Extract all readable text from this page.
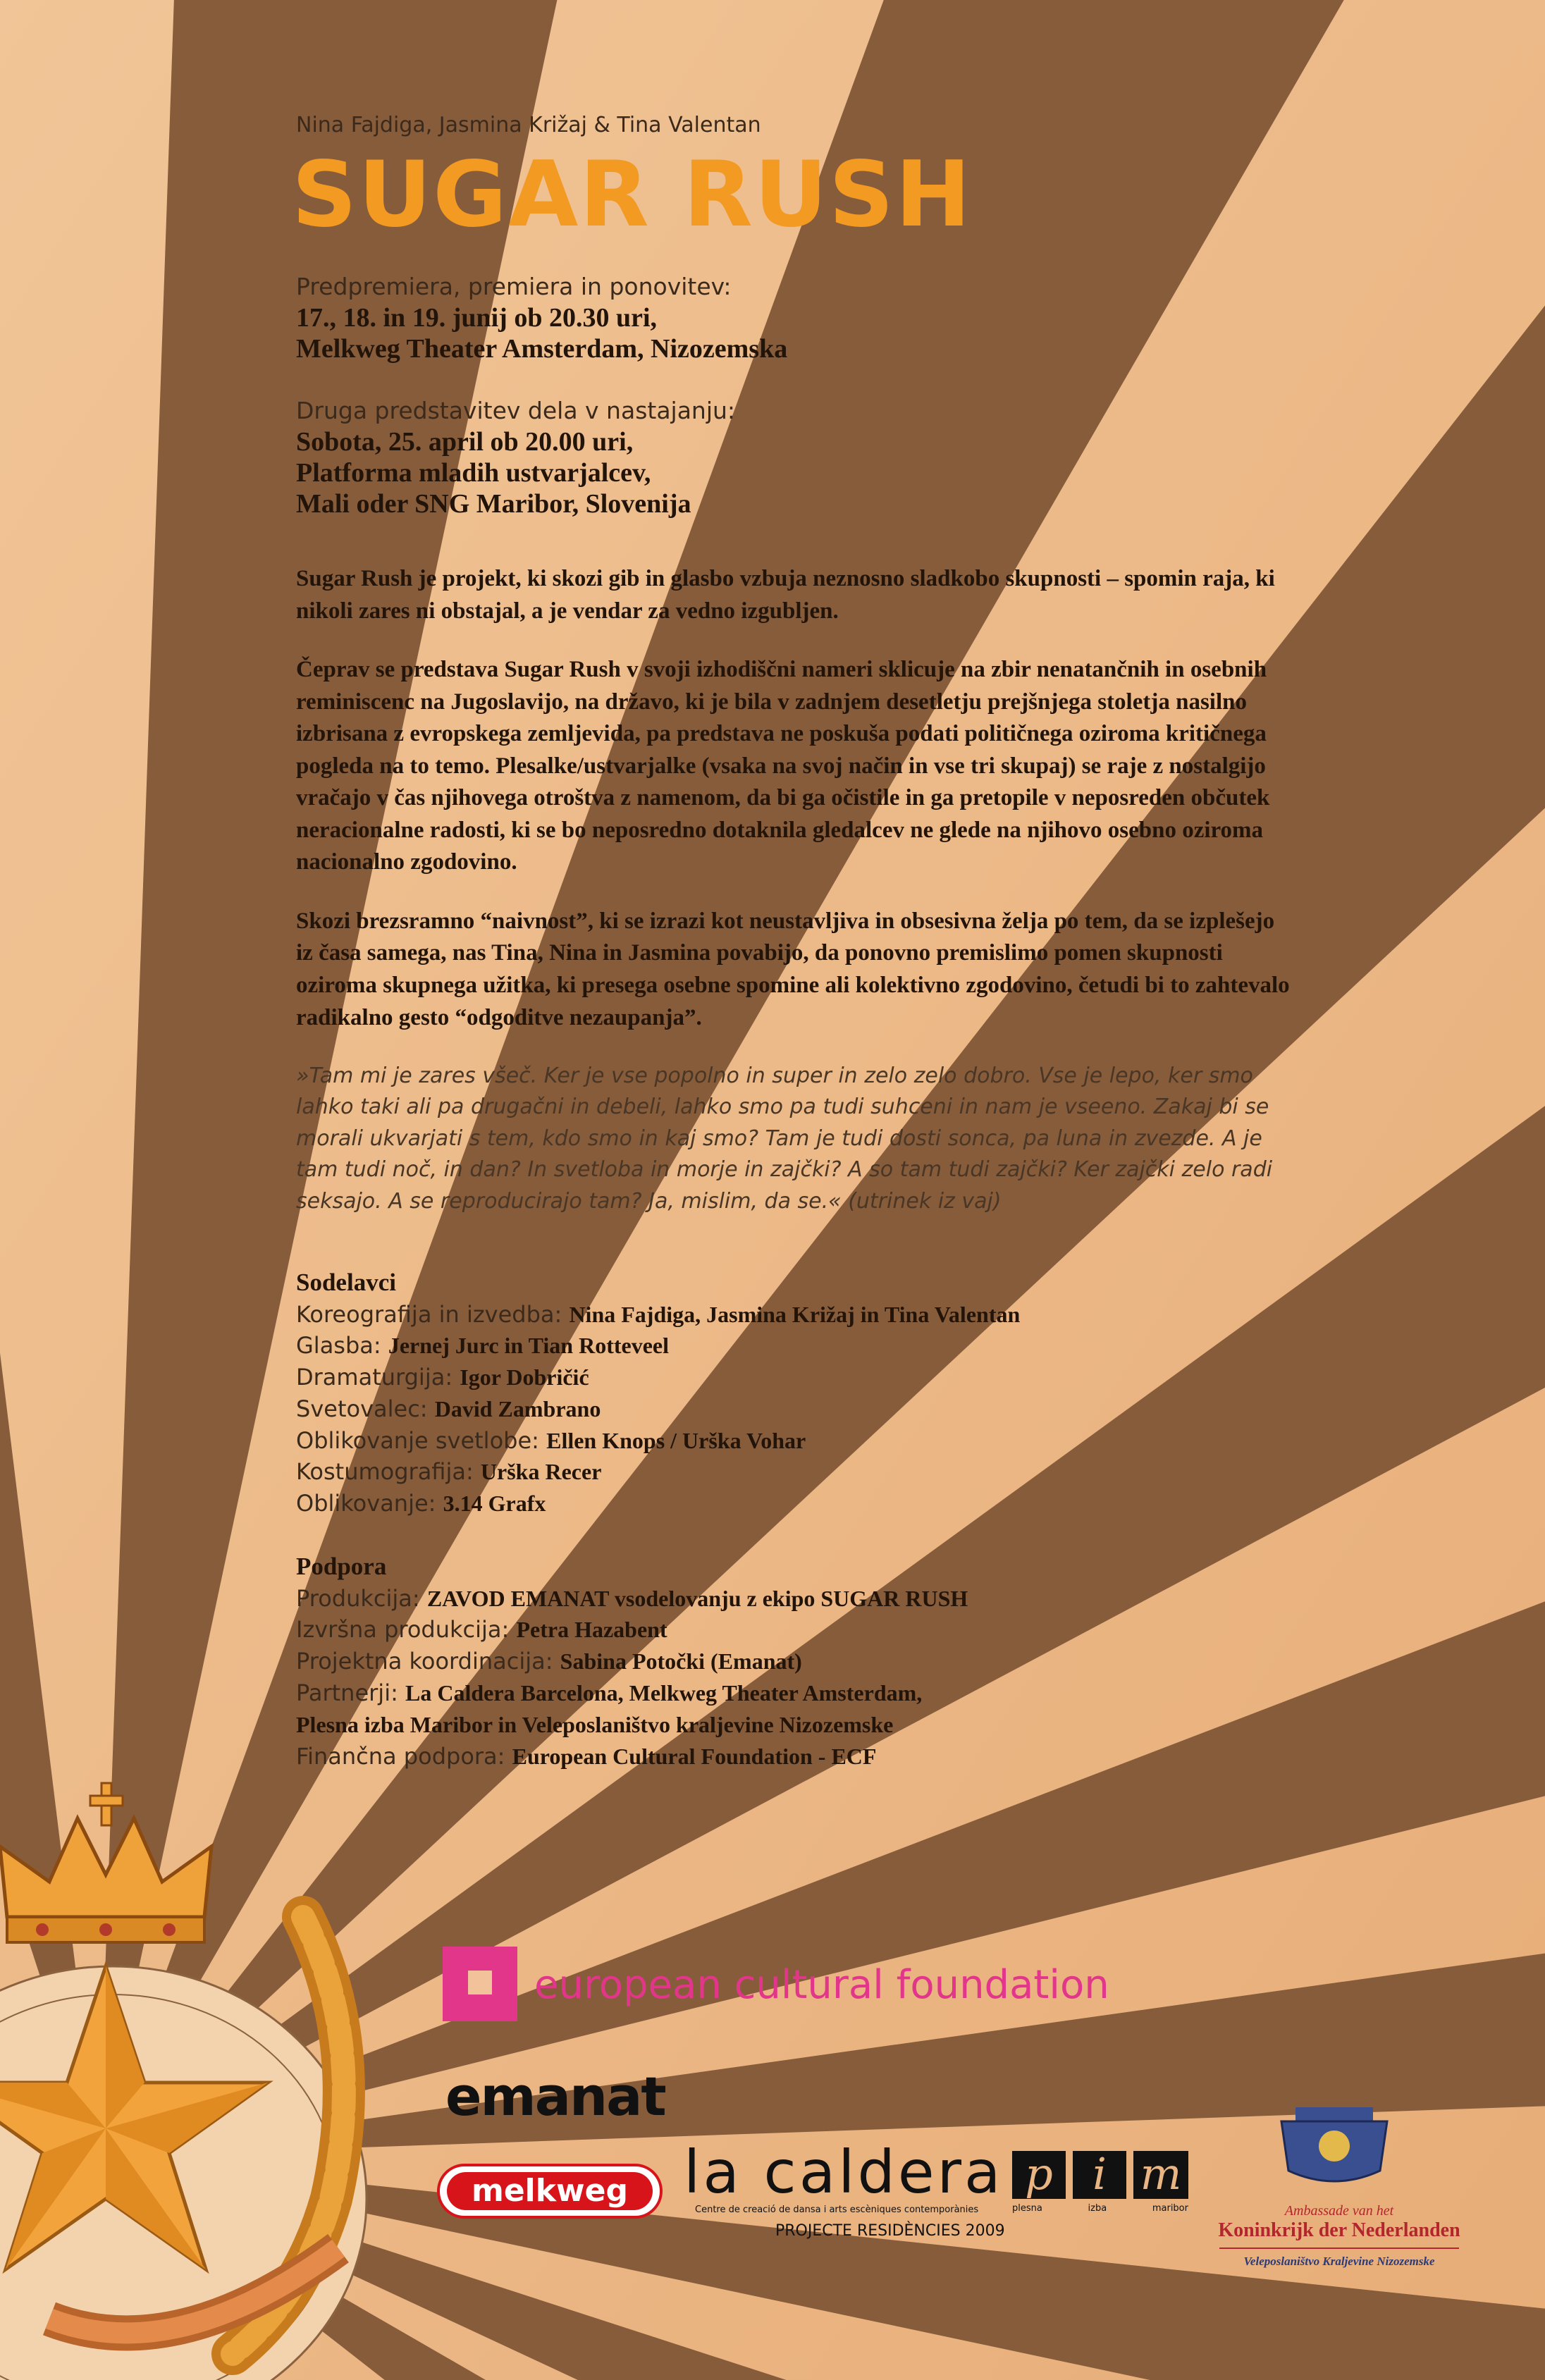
Nina Fajdiga, Jasmina Križaj & Tina Valentan
SUGAR RUSH
Predpremiera, premiera in ponovitev:
17., 18. in 19. junij ob 20.30 uri,
Melkweg Theater Amsterdam, Nizozemska
Druga predstavitev dela v nastajanju:
Sobota, 25. april ob 20.00 uri,
Platforma mladih ustvarjalcev,
Mali oder SNG Maribor, Slovenija

Sugar Rush je projekt, ki skozi gib in glasbo vzbuja neznosno sladkobo skupnosti – spomin raja, ki nikoli zares ni obstajal, a je vendar za vedno izgubljen.

Čeprav se predstava Sugar Rush v svoji izhodiščni nameri sklicuje na zbir nenatančnih in osebnih reminiscenc na Jugoslavijo, na državo, ki je bila v zadnjem desetletju prejšnjega stoletja nasilno izbrisana z evropskega zemljevida, pa predstava ne poskuša podati političnega oziroma kritičnega pogleda na to temo. Plesalke/ustvarjalke (vsaka na svoj način in vse tri skupaj) se raje z nostalgijo vračajo v čas njihovega otroštva z namenom, da bi ga očistile in ga pretopile v neposreden občutek neracionalne radosti, ki se bo neposredno dotaknila gledalcev ne glede na njihovo osebno oziroma nacionalno zgodovino.

Skozi brezsramno “naivnost”, ki se izrazi kot neustavljiva in obsesivna želja po tem, da se izplešejo iz časa samega, nas Tina, Nina in Jasmina povabijo, da ponovno premislimo pomen skupnosti oziroma skupnega užitka, ki presega osebne spomine ali kolektivno zgodovino, četudi bi to zahtevalo radikalno gesto “odgoditve nezaupanja”.

»Tam mi je zares všeč. Ker je vse popolno in super in zelo zelo dobro. Vse je lepo, ker smo lahko taki ali pa drugačni in debeli, lahko smo pa tudi suhceni in nam je vseeno. Zakaj bi se morali ukvarjati s tem, kdo smo in kaj smo? Tam je tudi dosti sonca, pa luna in zvezde. A je tam tudi noč, in dan? In svetloba in morje in zajčki? A so tam tudi zajčki? Ker zajčki zelo radi seksajo. A se reproducirajo tam? Ja, mislim, da se.« (utrinek iz vaj)

Sodelavci
Koreografija in izvedba: Nina Fajdiga, Jasmina Križaj in Tina Valentan
Glasba: Jernej Jurc in Tian Rotteveel
Dramaturgija: Igor Dobričić
Svetovalec: David Zambrano
Oblikovanje svetlobe: Ellen Knops / Urška Vohar
Kostumografija: Urška Recer
Oblikovanje: 3.14 Grafx
Podpora
Produkcija: ZAVOD EMANAT vsodelovanju z ekipo SUGAR RUSH
Izvršna produkcija: Petra Hazabent
Projektna koordinacija: Sabina Potočki (Emanat)
Partnerji: La Caldera Barcelona, Melkweg Theater Amsterdam,
Plesna izba Maribor in Veleposlaništvo kraljevine Nizozemske
Finančna podpora: European Cultural Foundation - ECF
european cultural foundation
emanat
melkweg la caldera
Centre de creació de dansa i arts escèniques contemporànies
PROJECTE RESIDÈNCIES 2009
p i m
plesna	izba	maribor	Ambassade van het
Koninkrijk der Nederlanden
Veleposlaništvo Kraljevine Nizozemske
